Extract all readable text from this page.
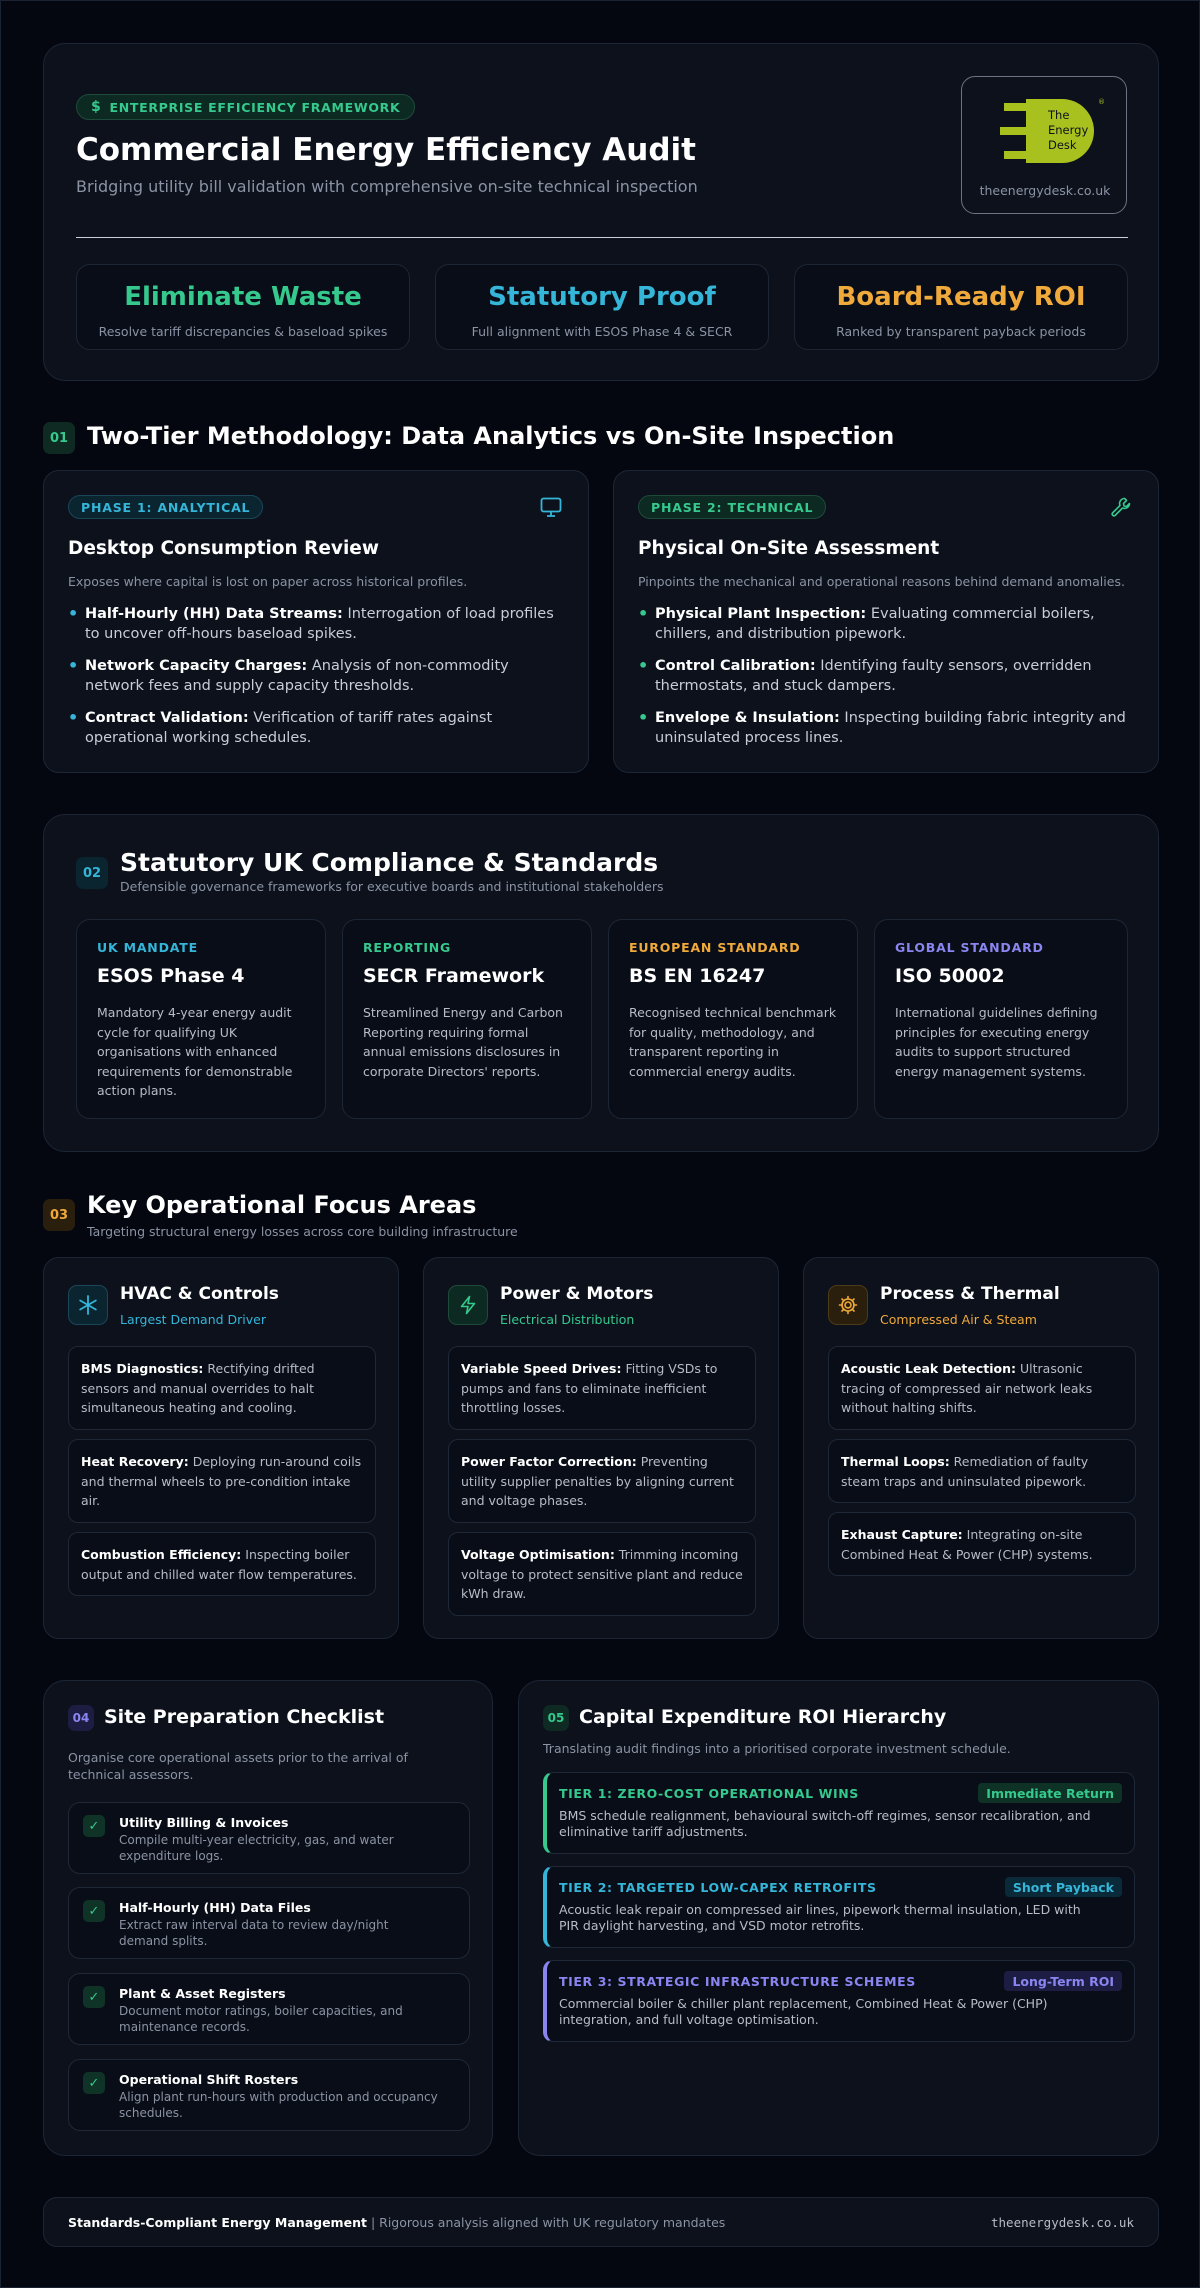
$ ENTERPRISE EFFICIENCY FRAMEWORK
Commercial Energy Efficiency Audit
Bridging utility bill validation with comprehensive on-site technical inspection
The
Energy
Desk
®
theenergydesk.co.uk
Eliminate Waste
Resolve tariff discrepancies & baseload spikes
Statutory Proof
Full alignment with ESOS Phase 4 & SECR
Board-Ready ROI
Ranked by transparent payback periods
01 Two-Tier Methodology: Data Analytics vs On-Site Inspection
PHASE 1: ANALYTICAL
Desktop Consumption Review
Exposes where capital is lost on paper across historical profiles.
• Half-Hourly (HH) Data Streams: Interrogation of load profiles to uncover off-hours baseload spikes.
• Network Capacity Charges: Analysis of non-commodity network fees and supply capacity thresholds.
• Contract Validation: Verification of tariff rates against operational working schedules.
PHASE 2: TECHNICAL
Physical On-Site Assessment
Pinpoints the mechanical and operational reasons behind demand anomalies.
• Physical Plant Inspection: Evaluating commercial boilers, chillers, and distribution pipework.
• Control Calibration: Identifying faulty sensors, overridden thermostats, and stuck dampers.
• Envelope & Insulation: Inspecting building fabric integrity and uninsulated process lines.
02 Statutory UK Compliance & Standards
Defensible governance frameworks for executive boards and institutional stakeholders
UK MANDATE
ESOS Phase 4
Mandatory 4-year energy audit cycle for qualifying UK organisations with enhanced requirements for demonstrable action plans.
REPORTING
SECR Framework
Streamlined Energy and Carbon Reporting requiring formal annual emissions disclosures in corporate Directors' reports.
EUROPEAN STANDARD
BS EN 16247
Recognised technical benchmark for quality, methodology, and transparent reporting in commercial energy audits.
GLOBAL STANDARD
ISO 50002
International guidelines defining principles for executing energy audits to support structured energy management systems.
03 Key Operational Focus Areas
Targeting structural energy losses across core building infrastructure
HVAC & Controls
Largest Demand Driver
BMS Diagnostics: Rectifying drifted sensors and manual overrides to halt simultaneous heating and cooling.
Heat Recovery: Deploying run-around coils and thermal wheels to pre-condition intake air.
Combustion Efficiency: Inspecting boiler output and chilled water flow temperatures.
Power & Motors
Electrical Distribution
Variable Speed Drives: Fitting VSDs to pumps and fans to eliminate inefficient throttling losses.
Power Factor Correction: Preventing utility supplier penalties by aligning current and voltage phases.
Voltage Optimisation: Trimming incoming voltage to protect sensitive plant and reduce kWh draw.
Process & Thermal
Compressed Air & Steam
Acoustic Leak Detection: Ultrasonic tracing of compressed air network leaks without halting shifts.
Thermal Loops: Remediation of faulty steam traps and uninsulated pipework.
Exhaust Capture: Integrating on-site Combined Heat & Power (CHP) systems.
04 Site Preparation Checklist
Organise core operational assets prior to the arrival of technical assessors.
✓	Utility Billing & Invoices
Compile multi-year electricity, gas, and water expenditure logs.
✓	Half-Hourly (HH) Data Files
Extract raw interval data to review day/night demand splits.
✓	Plant & Asset Registers
Document motor ratings, boiler capacities, and maintenance records.
✓	Operational Shift Rosters
Align plant run-hours with production and occupancy schedules.
05 Capital Expenditure ROI Hierarchy
Translating audit findings into a prioritised corporate investment schedule.
TIER 1: ZERO-COST OPERATIONAL WINS	Immediate Return
BMS schedule realignment, behavioural switch-off regimes, sensor recalibration, and eliminative tariff adjustments.
TIER 2: TARGETED LOW-CAPEX RETROFITS	Short Payback
Acoustic leak repair on compressed air lines, pipework thermal insulation, LED with PIR daylight harvesting, and VSD motor retrofits.
TIER 3: STRATEGIC INFRASTRUCTURE SCHEMES	Long-Term ROI
Commercial boiler & chiller plant replacement, Combined Heat & Power (CHP) integration, and full voltage optimisation.
Standards-Compliant Energy Management | Rigorous analysis aligned with UK regulatory mandates	theenergydesk.co.uk
